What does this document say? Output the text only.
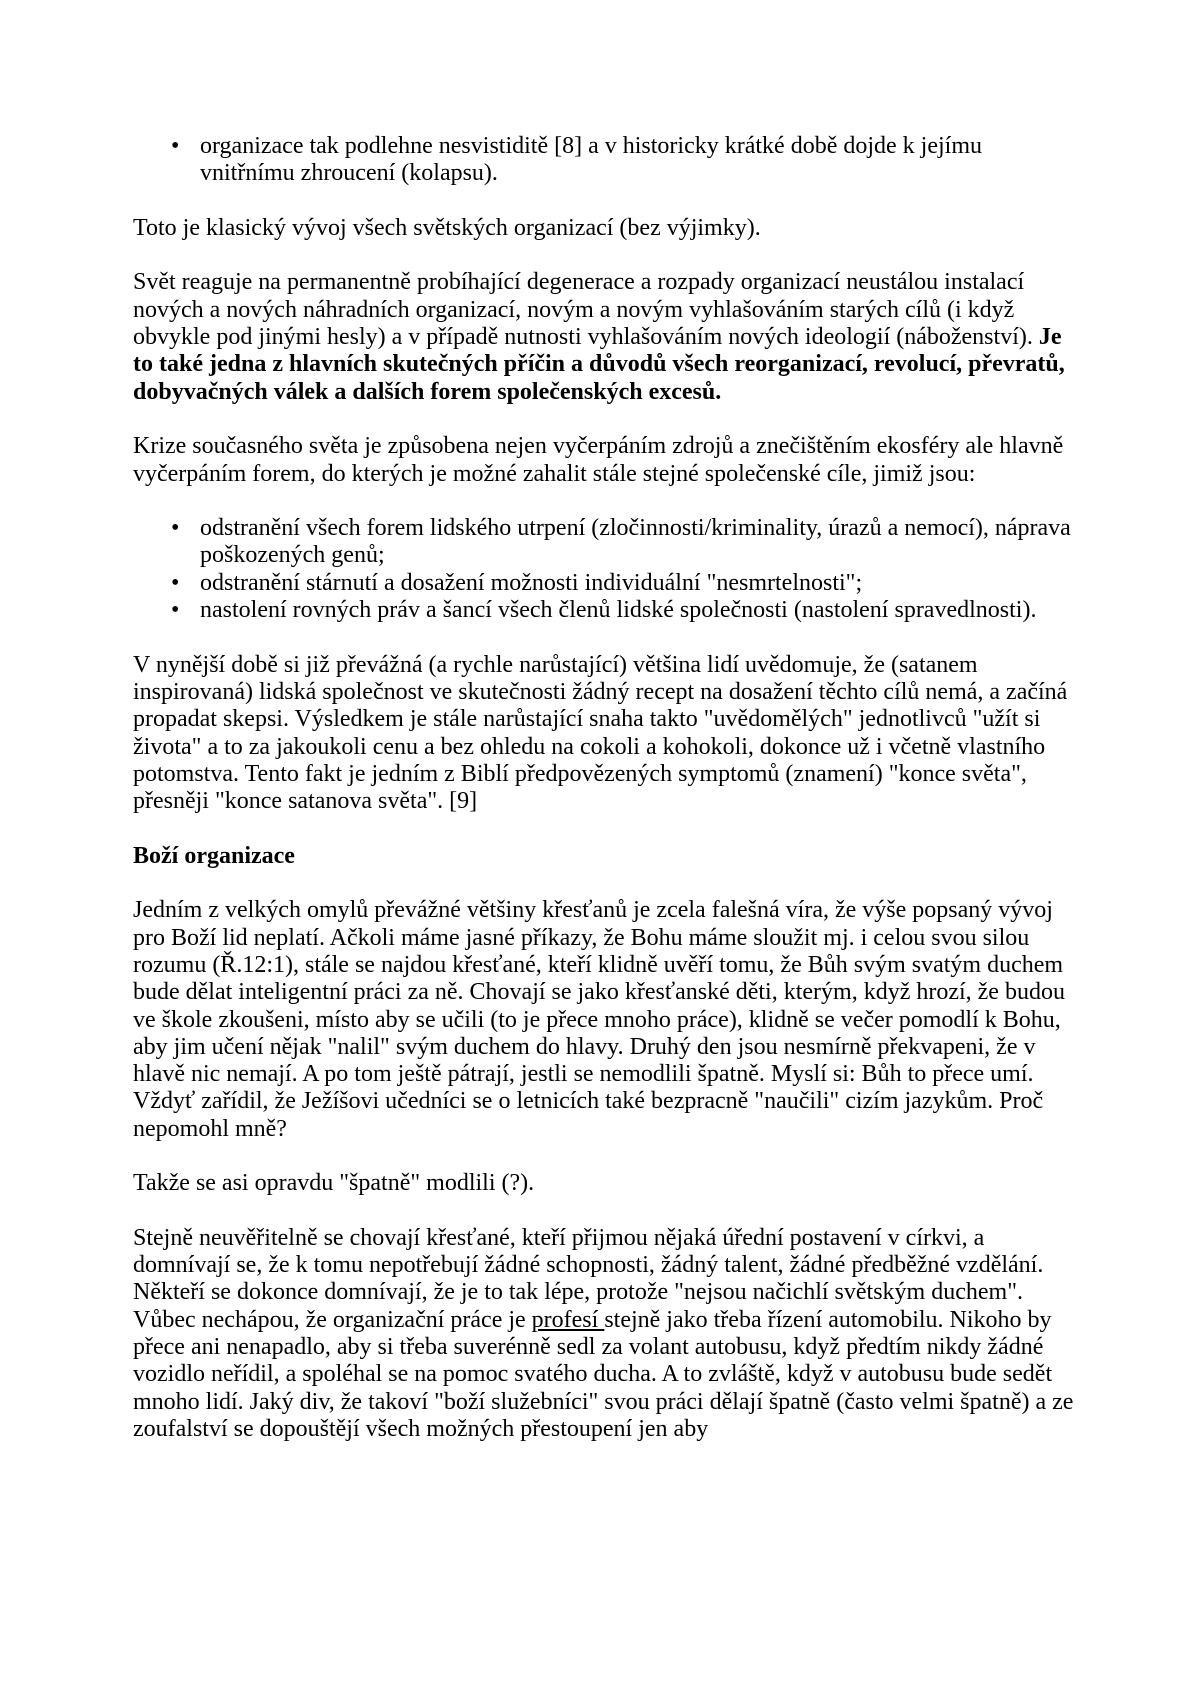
• organizace tak podlehne nesvistiditě [8] a v historicky krátké době dojde k jejímu vnitřnímu zhroucení (kolapsu).

Toto je klasický vývoj všech světských organizací (bez výjimky).

Svět reaguje na permanentně probíhající degenerace a rozpady organizací neustálou instalací nových a nových náhradních organizací, novým a novým vyhlašováním starých cílů (i když obvykle pod jinými hesly) a v případě nutnosti vyhlašováním nových ideologií (náboženství). Je to také jedna z hlavních skutečných příčin a důvodů všech reorganizací, revolucí, převratů, dobyvačných válek a dalších forem společenských excesů.

Krize současného světa je způsobena nejen vyčerpáním zdrojů a znečištěním ekosféry ale hlavně vyčerpáním forem, do kterých je možné zahalit stále stejné společenské cíle, jimiž jsou:

• odstranění všech forem lidského utrpení (zločinnosti/kriminality, úrazů a nemocí), náprava poškozených genů;
• odstranění stárnutí a dosažení možnosti individuální "nesmrtelnosti";
• nastolení rovných práv a šancí všech členů lidské společnosti (nastolení spravedlnosti).

V nynější době si již převážná (a rychle narůstající) většina lidí uvědomuje, že (satanem inspirovaná) lidská společnost ve skutečnosti žádný recept na dosažení těchto cílů nemá, a začíná propadat skepsi. Výsledkem je stále narůstající snaha takto "uvědomělých" jednotlivců "užít si života" a to za jakoukoli cenu a bez ohledu na cokoli a kohokoli, dokonce už i včetně vlastního potomstva. Tento fakt je jedním z Biblí předpovězených symptomů (znamení) "konce světa", přesněji "konce satanova světa". [9]

Boží organizace

Jedním z velkých omylů převážné většiny křesťanů je zcela falešná víra, že výše popsaný vývoj pro Boží lid neplatí. Ačkoli máme jasné příkazy, že Bohu máme sloužit mj. i celou svou silou rozumu (Ř.12:1), stále se najdou křesťané, kteří klidně uvěří tomu, že Bůh svým svatým duchem bude dělat inteligentní práci za ně. Chovají se jako křesťanské děti, kterým, když hrozí, že budou ve škole zkoušeni, místo aby se učili (to je přece mnoho práce), klidně se večer pomodlí k Bohu, aby jim učení nějak "nalil" svým duchem do hlavy. Druhý den jsou nesmírně překvapeni, že v hlavě nic nemají. A po tom ještě pátrají, jestli se nemodlili špatně. Myslí si: Bůh to přece umí. Vždyť zařídil, že Ježíšovi učedníci se o letnicích také bezpracně "naučili" cizím jazykům. Proč nepomohl mně?

Takže se asi opravdu "špatně" modlili (?).

Stejně neuvěřitelně se chovají křesťané, kteří přijmou nějaká úřední postavení v církvi, a domnívají se, že k tomu nepotřebují žádné schopnosti, žádný talent, žádné předběžné vzdělání. Někteří se dokonce domnívají, že je to tak lépe, protože "nejsou načichlí světským duchem". Vůbec nechápou, že organizační práce je profesí stejně jako třeba řízení automobilu. Nikoho by přece ani nenapadlo, aby si třeba suverénně sedl za volant autobusu, když předtím nikdy žádné vozidlo neřídil, a spoléhal se na pomoc svatého ducha. A to zvláště, když v autobusu bude sedět mnoho lidí. Jaký div, že takoví "boží služebníci" svou práci dělají špatně (často velmi špatně) a ze zoufalství se dopouštějí všech možných přestoupení jen aby
